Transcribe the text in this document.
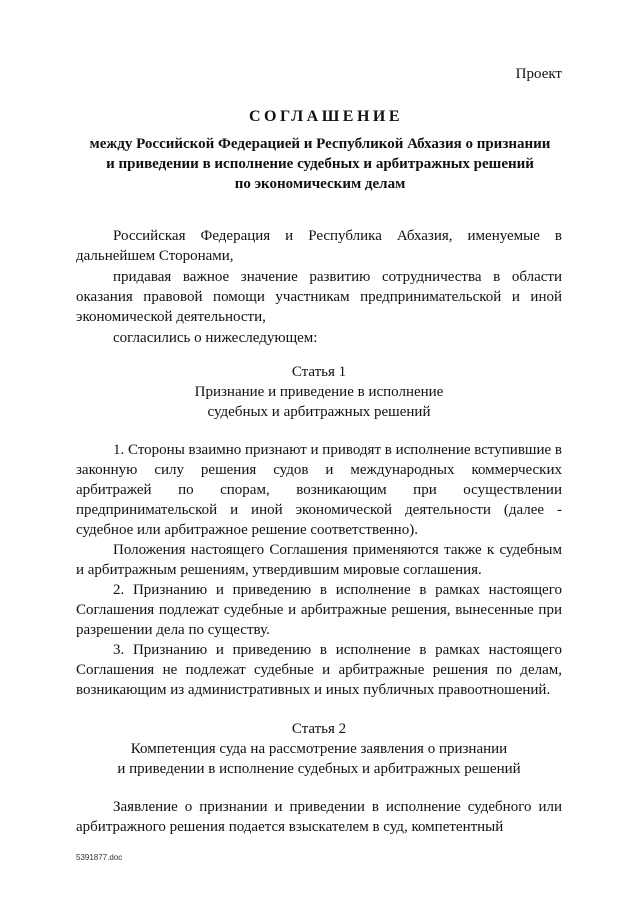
Проект
СОГЛАШЕНИЕ
между Российской Федерацией и Республикой Абхазия о признании
и приведении в исполнение судебных и арбитражных решений
по экономическим делам

Российская Федерация и Республика Абхазия, именуемые в дальнейшем Сторонами,

придавая важное значение развитию сотрудничества в области оказания правовой помощи участникам предпринимательской и иной экономической деятельности,

согласились о нижеследующем:

Статья 1

Признание и приведение в исполнение

судебных и арбитражных решений

1. Стороны взаимно признают и приводят в исполнение вступившие в законную силу решения судов и международных коммерческих арбитражей по спорам, возникающим при осуществлении предпринимательской и иной экономической деятельности (далее - судебное или арбитражное решение соответственно).

Положения настоящего Соглашения применяются также к судебным и арбитражным решениям, утвердившим мировые соглашения.

2. Признанию и приведению в исполнение в рамках настоящего Соглашения подлежат судебные и арбитражные решения, вынесенные при разрешении дела по существу.

3. Признанию и приведению в исполнение в рамках настоящего Соглашения не подлежат судебные и арбитражные решения по делам, возникающим из административных и иных публичных правоотношений.

Статья 2

Компетенция суда на рассмотрение заявления о признании

и приведении в исполнение судебных и арбитражных решений

Заявление о признании и приведении в исполнение судебного или арбитражного решения подается взыскателем в суд, компетентный

5391877.doc
